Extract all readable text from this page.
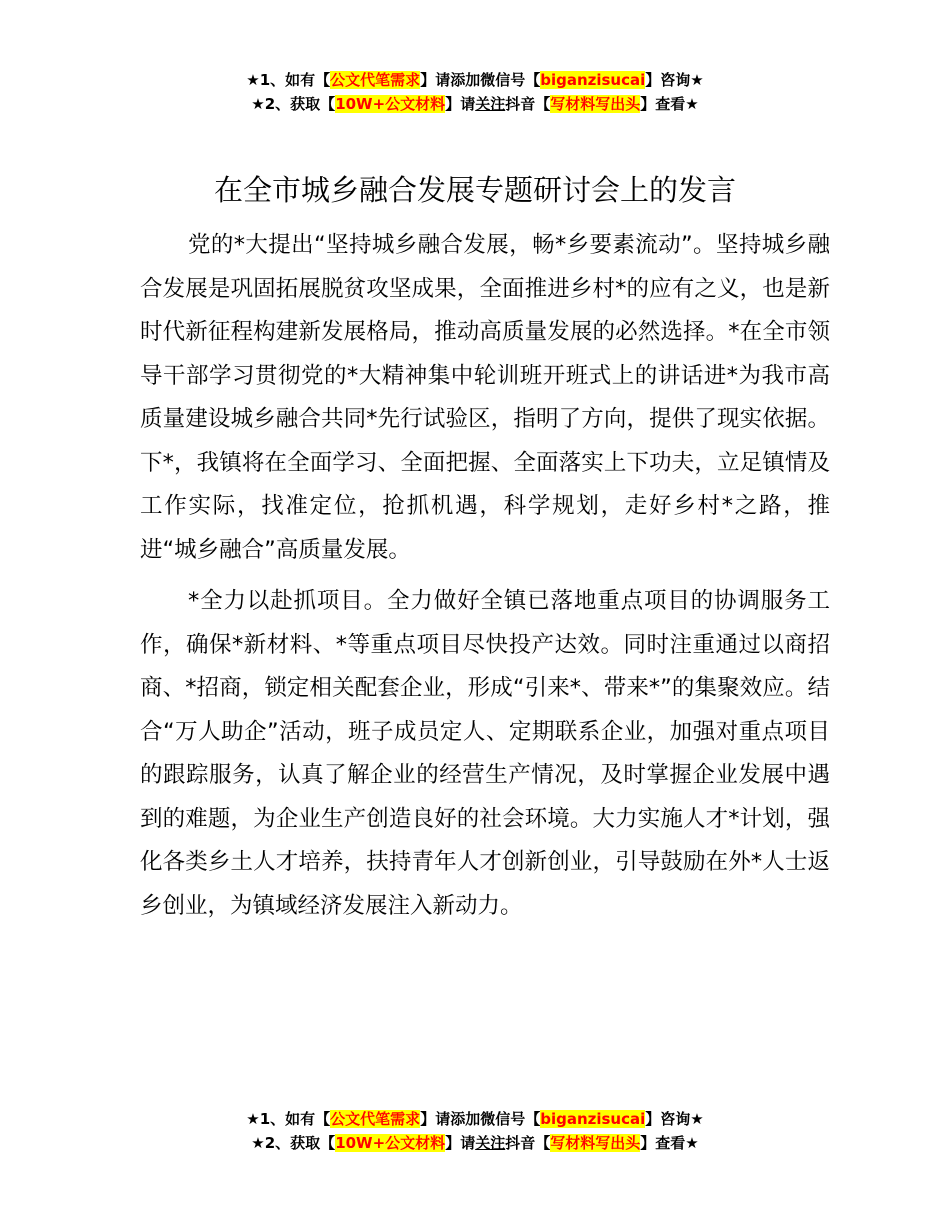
★1、如有【公文代笔需求】请添加微信号【biganzisucai】咨询★
★2、获取【10W+公文材料】请关注抖音【写材料写出头】查看★
在全市城乡融合发展专题研讨会上的发言

党的*大提出“坚持城乡融合发展，畅*乡要素流动”。坚持城乡融合发展是巩固拓展脱贫攻坚成果，全面推进乡村*的应有之义，也是新时代新征程构建新发展格局，推动高质量发展的必然选择。*在全市领导干部学习贯彻党的*大精神集中轮训班开班式上的讲话进*为我市高质量建设城乡融合共同*先行试验区，指明了方向，提供了现实依据。下*，我镇将在全面学习、全面把握、全面落实上下功夫，立足镇情及工作实际，找准定位，抢抓机遇，科学规划，走好乡村*之路，推进“城乡融合”高质量发展。

*全力以赴抓项目。全力做好全镇已落地重点项目的协调服务工作，确保*新材料、*等重点项目尽快投产达效。同时注重通过以商招商、*招商，锁定相关配套企业，形成“引来*、带来*”的集聚效应。结合“万人助企”活动，班子成员定人、定期联系企业，加强对重点项目的跟踪服务，认真了解企业的经营生产情况，及时掌握企业发展中遇到的难题，为企业生产创造良好的社会环境。大力实施人才*计划，强化各类乡土人才培养，扶持青年人才创新创业，引导鼓励在外*人士返乡创业，为镇域经济发展注入新动力。

★1、如有【公文代笔需求】请添加微信号【biganzisucai】咨询★
★2、获取【10W+公文材料】请关注抖音【写材料写出头】查看★
